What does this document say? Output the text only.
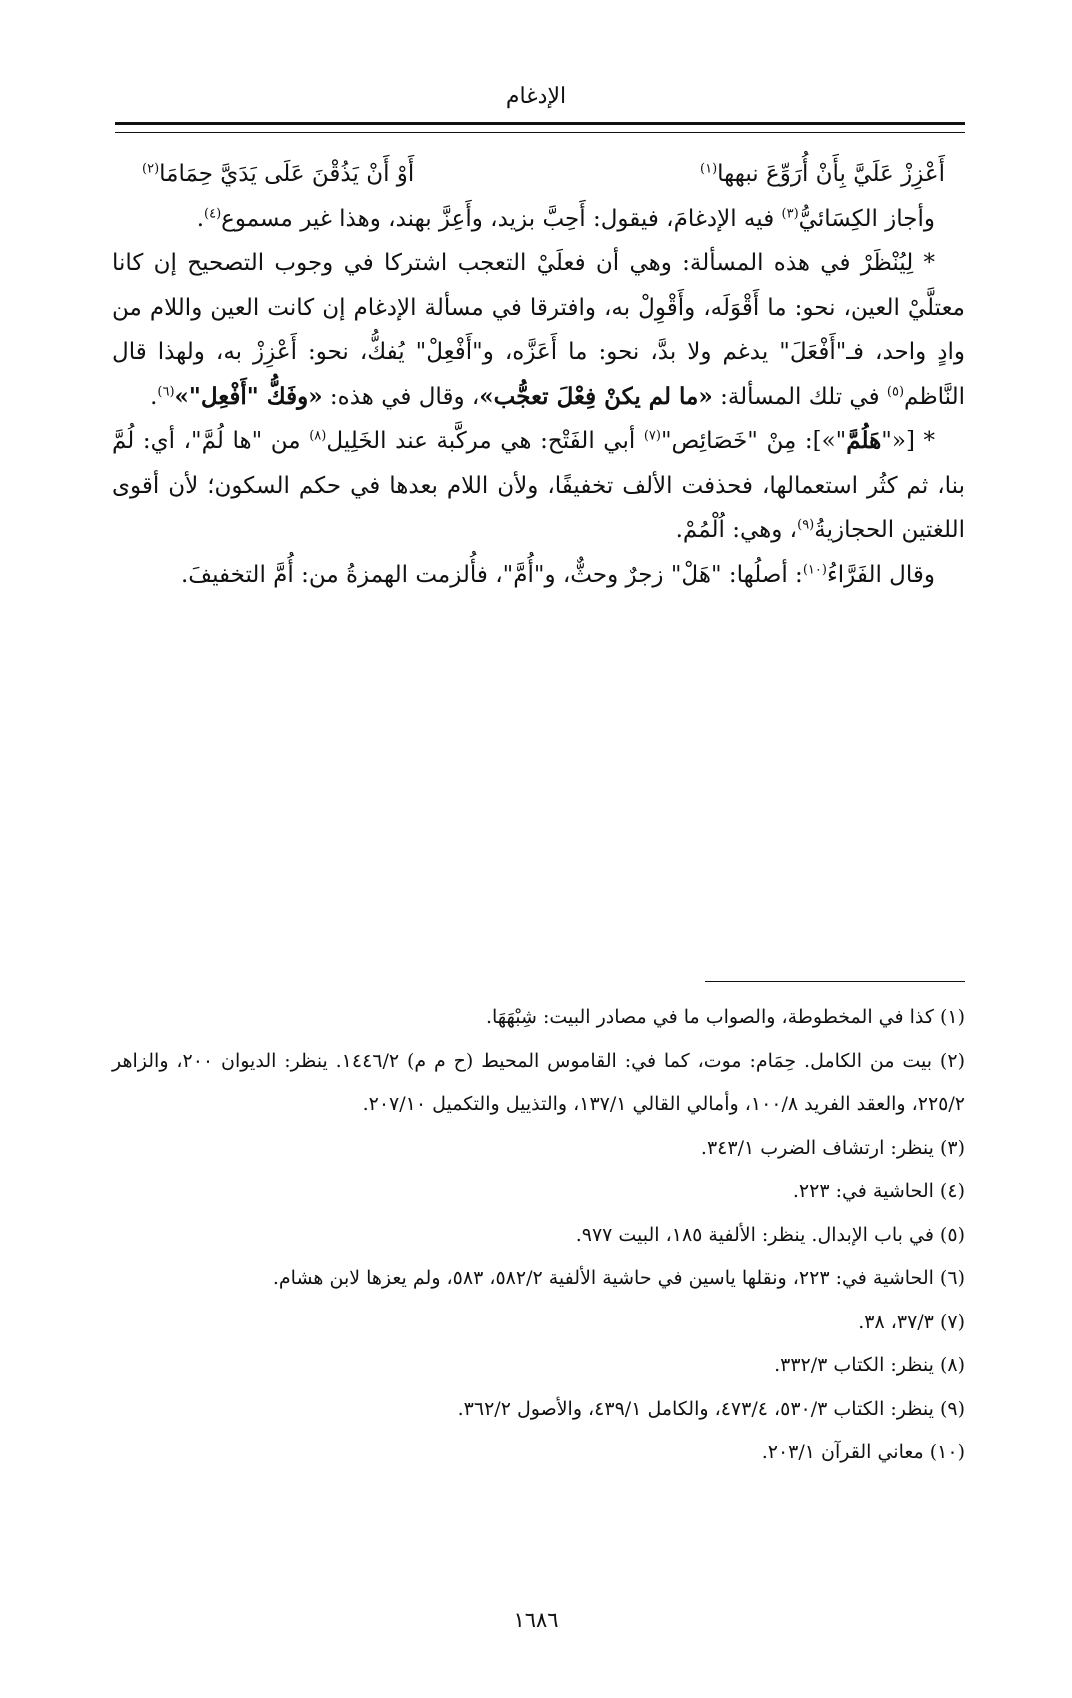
الإدغام
أَعْزِزْ عَلَيَّ بِأَنْ أُرَوِّعَ نبهها$^{(١)}$
أَوْ أَنْ يَذُقْنَ عَلَى يَدَيَّ حِمَامَا$^{(٢)}$

وأجاز الكِسَائيُّ$^{(٣)}$ فيه الإدغامَ، فيقول: أَحِبَّ بزيد، وأَعِزَّ بهند، وهذا غير مسموع$^{(٤)}$.

* لِيُنْظَرْ في هذه المسألة: وهي أن فعلَيْ التعجب اشتركا في وجوب التصحيح إن كانا معتلَّيْ العين، نحو: ما أَقْوَلَه، وأَقْوِلْ به، وافترقا في مسألة الإدغام إن كانت العين واللام من وادٍ واحد، فـ"أَفْعَلَ" يدغم ولا بدَّ، نحو: ما أَعَزَّه، و"أَفْعِلْ" يُفكُّ، نحو: أَعْزِزْ به، ولهذا قال النَّاظم$^{(٥)}$ في تلك المسألة: «ما لم يكنْ فِعْلَ تعجُّب»، وقال في هذه: «وفَكُّ "أَفْعِل"»$^{(٦)}$.

* [«"هَلُمَّ"»]: مِنْ "خَصَائِص"$^{(٧)}$ أبي الفَتْح: هي مركَّبة عند الخَلِيل$^{(٨)}$ من "ها لُمَّ"، أي: لُمَّ بنا، ثم كثُر استعمالها، فحذفت الألف تخفيفًا، ولأن اللام بعدها في حكم السكون؛ لأن أقوى اللغتين الحجازيةُ$^{(٩)}$، وهي: اُلْمُمْ.

وقال الفَرَّاءُ$^{(١٠)}$: أصلُها: "هَلْ" زجرٌ وحثٌّ، و"أُمَّ"، فأُلزمت الهمزةُ من: أُمَّ التخفيفَ.

(١) كذا في المخطوطة، والصواب ما في مصادر البيت: شِبْهَهَا.

(٢) بيت من الكامل. حِمَام: موت، كما في: القاموس المحيط (ح م م) ١٤٤٦/٢. ينظر: الديوان ٢٠٠، والزاهر ٢٢٥/٢، والعقد الفريد ١٠٠/٨، وأمالي القالي ١٣٧/١، والتذييل والتكميل ٢٠٧/١٠.

(٣) ينظر: ارتشاف الضرب ٣٤٣/١.

(٤) الحاشية في: ٢٢٣.

(٥) في باب الإبدال. ينظر: الألفية ١٨٥، البيت ٩٧٧.

(٦) الحاشية في: ٢٢٣، ونقلها ياسين في حاشية الألفية ٥٨٢/٢، ٥٨٣، ولم يعزها لابن هشام.

(٧) ٣٧/٣، ٣٨.

(٨) ينظر: الكتاب ٣٣٢/٣.

(٩) ينظر: الكتاب ٥٣٠/٣، ٤٧٣/٤، والكامل ٤٣٩/١، والأصول ٣٦٢/٢.

(١٠) معاني القرآن ٢٠٣/١.

١٦٨٦
